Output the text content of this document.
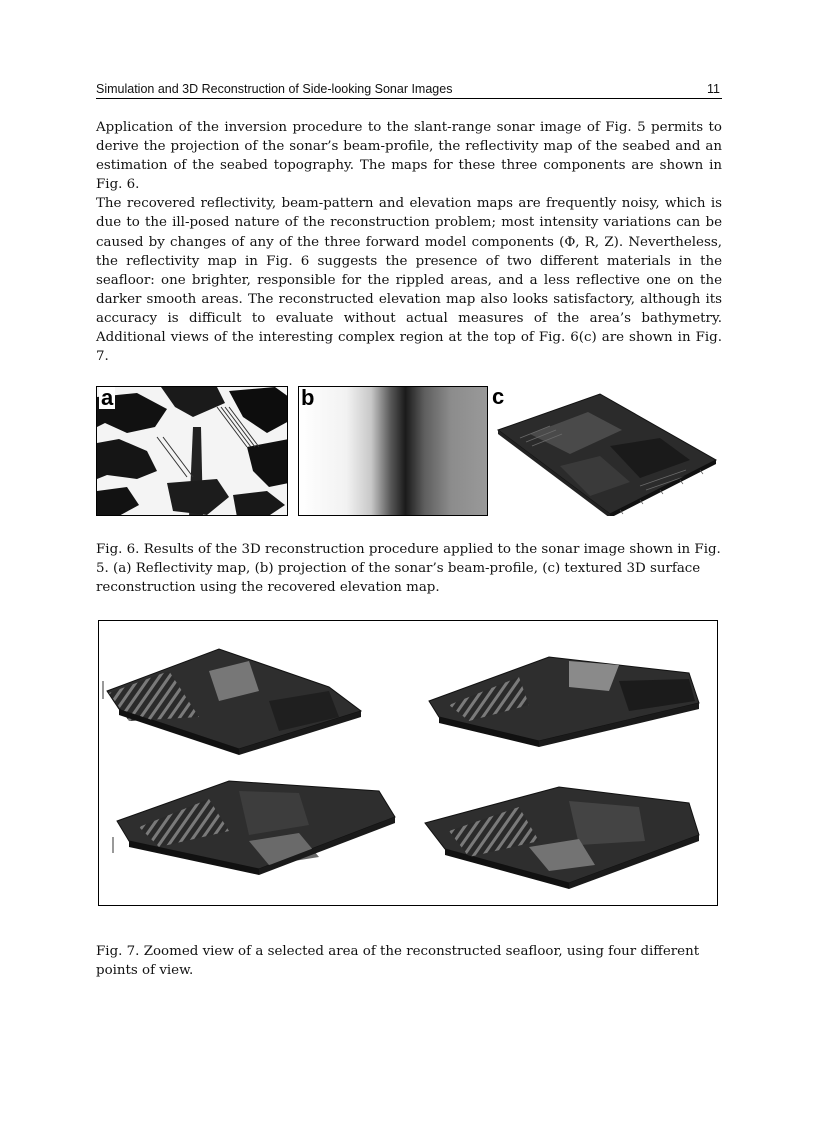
Simulation and 3D Reconstruction of Side-looking Sonar Images	11

Application of the inversion procedure to the slant-range sonar image of Fig. 5 permits to derive the projection of the sonar’s beam-profile, the reflectivity map of the seabed and an estimation of the seabed topography. The maps for these three components are shown in Fig. 6.

The recovered reflectivity, beam-pattern and elevation maps are frequently noisy, which is due to the ill-posed nature of the reconstruction problem; most intensity variations can be caused by changes of any of the three forward model components (Φ, R, Z). Nevertheless, the reflectivity map in Fig. 6 suggests the presence of two different materials in the seafloor: one brighter, responsible for the rippled areas, and a less reflective one on the darker smooth areas. The reconstructed elevation map also looks satisfactory, although its accuracy is difficult to evaluate without actual measures of the area’s bathymetry. Additional views of the interesting complex region at the top of Fig. 6(c) are shown in Fig. 7.

a	b	c
Fig. 6. Results of the 3D reconstruction procedure applied to the sonar image shown in Fig. 5. (a) Reflectivity map, (b) projection of the sonar’s beam-profile, (c) textured 3D surface reconstruction using the recovered elevation map.
Fig. 7. Zoomed view of a selected area of the reconstructed seafloor, using four different points of view.
